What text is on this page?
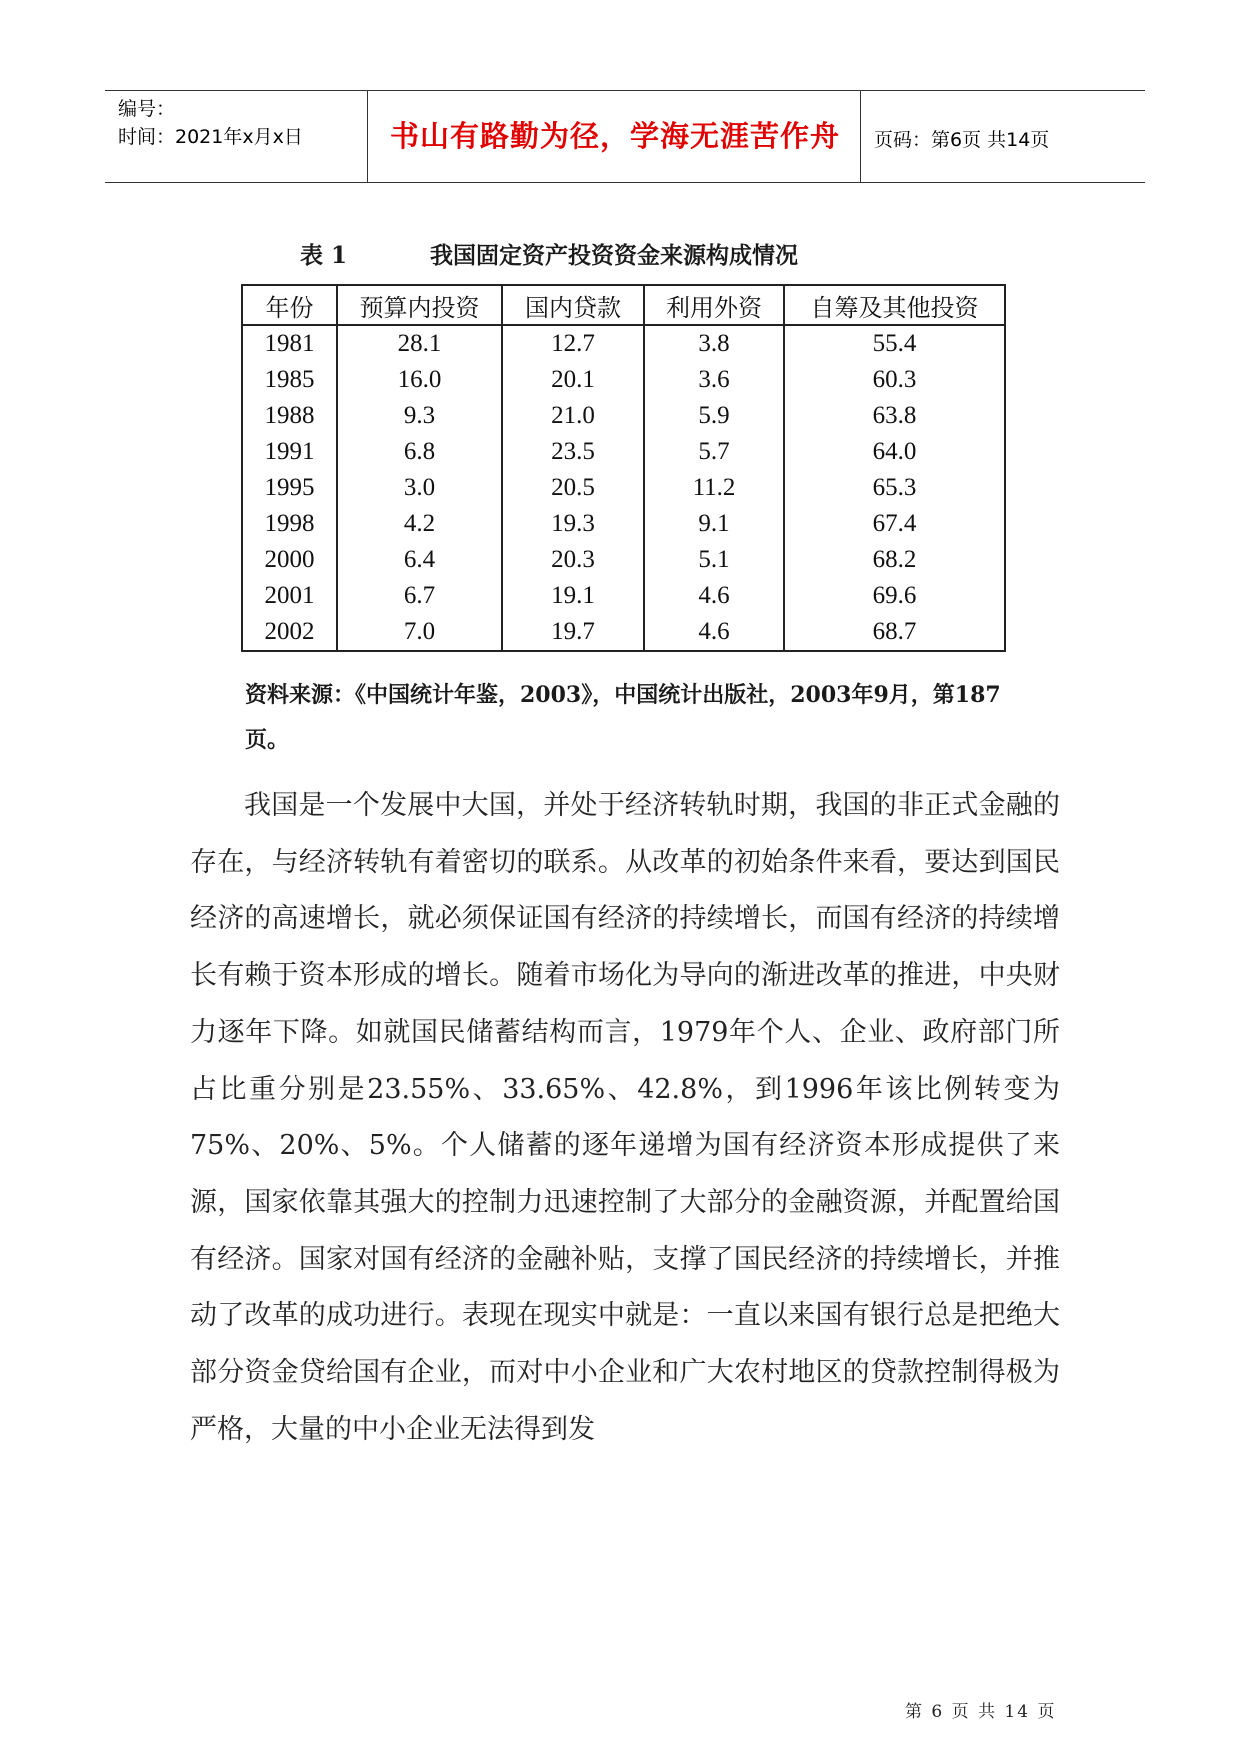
编号：
时间：2021年x月x日	书山有路勤为径，学海无涯苦作舟	页码：第6页 共14页
表 1	我国固定资产投资资金来源构成情况
年份	预算内投资	国内贷款	利用外资	自筹及其他投资
1981	28.1	12.7	3.8	55.4
1985	16.0	20.1	3.6	60.3
1988	9.3	21.0	5.9	63.8
1991	6.8	23.5	5.7	64.0
1995	3.0	20.5	11.2	65.3
1998	4.2	19.3	9.1	67.4
2000	6.4	20.3	5.1	68.2
2001	6.7	19.1	4.6	69.6
2002	7.0	19.7	4.6	68.7
资料来源：《中国统计年鉴，2003》，中国统计出版社，2003年9月，第187页。

我国是一个发展中大国，并处于经济转轨时期，我国的非正式金融的存在，与经济转轨有着密切的联系。从改革的初始条件来看，要达到国民经济的高速增长，就必须保证国有经济的持续增长，而国有经济的持续增长有赖于资本形成的增长。随着市场化为导向的渐进改革的推进，中央财力逐年下降。如就国民储蓄结构而言，1979年个人、企业、政府部门所占比重分别是23.55%、33.65%、42.8%，到1996年该比例转变为75%、20%、5%。个人储蓄的逐年递增为国有经济资本形成提供了来源，国家依靠其强大的控制力迅速控制了大部分的金融资源，并配置给国有经济。国家对国有经济的金融补贴，支撑了国民经济的持续增长，并推动了改革的成功进行。表现在现实中就是：一直以来国有银行总是把绝大部分资金贷给国有企业，而对中小企业和广大农村地区的贷款控制得极为严格，大量的中小企业无法得到发

第 6 页 共 14 页
